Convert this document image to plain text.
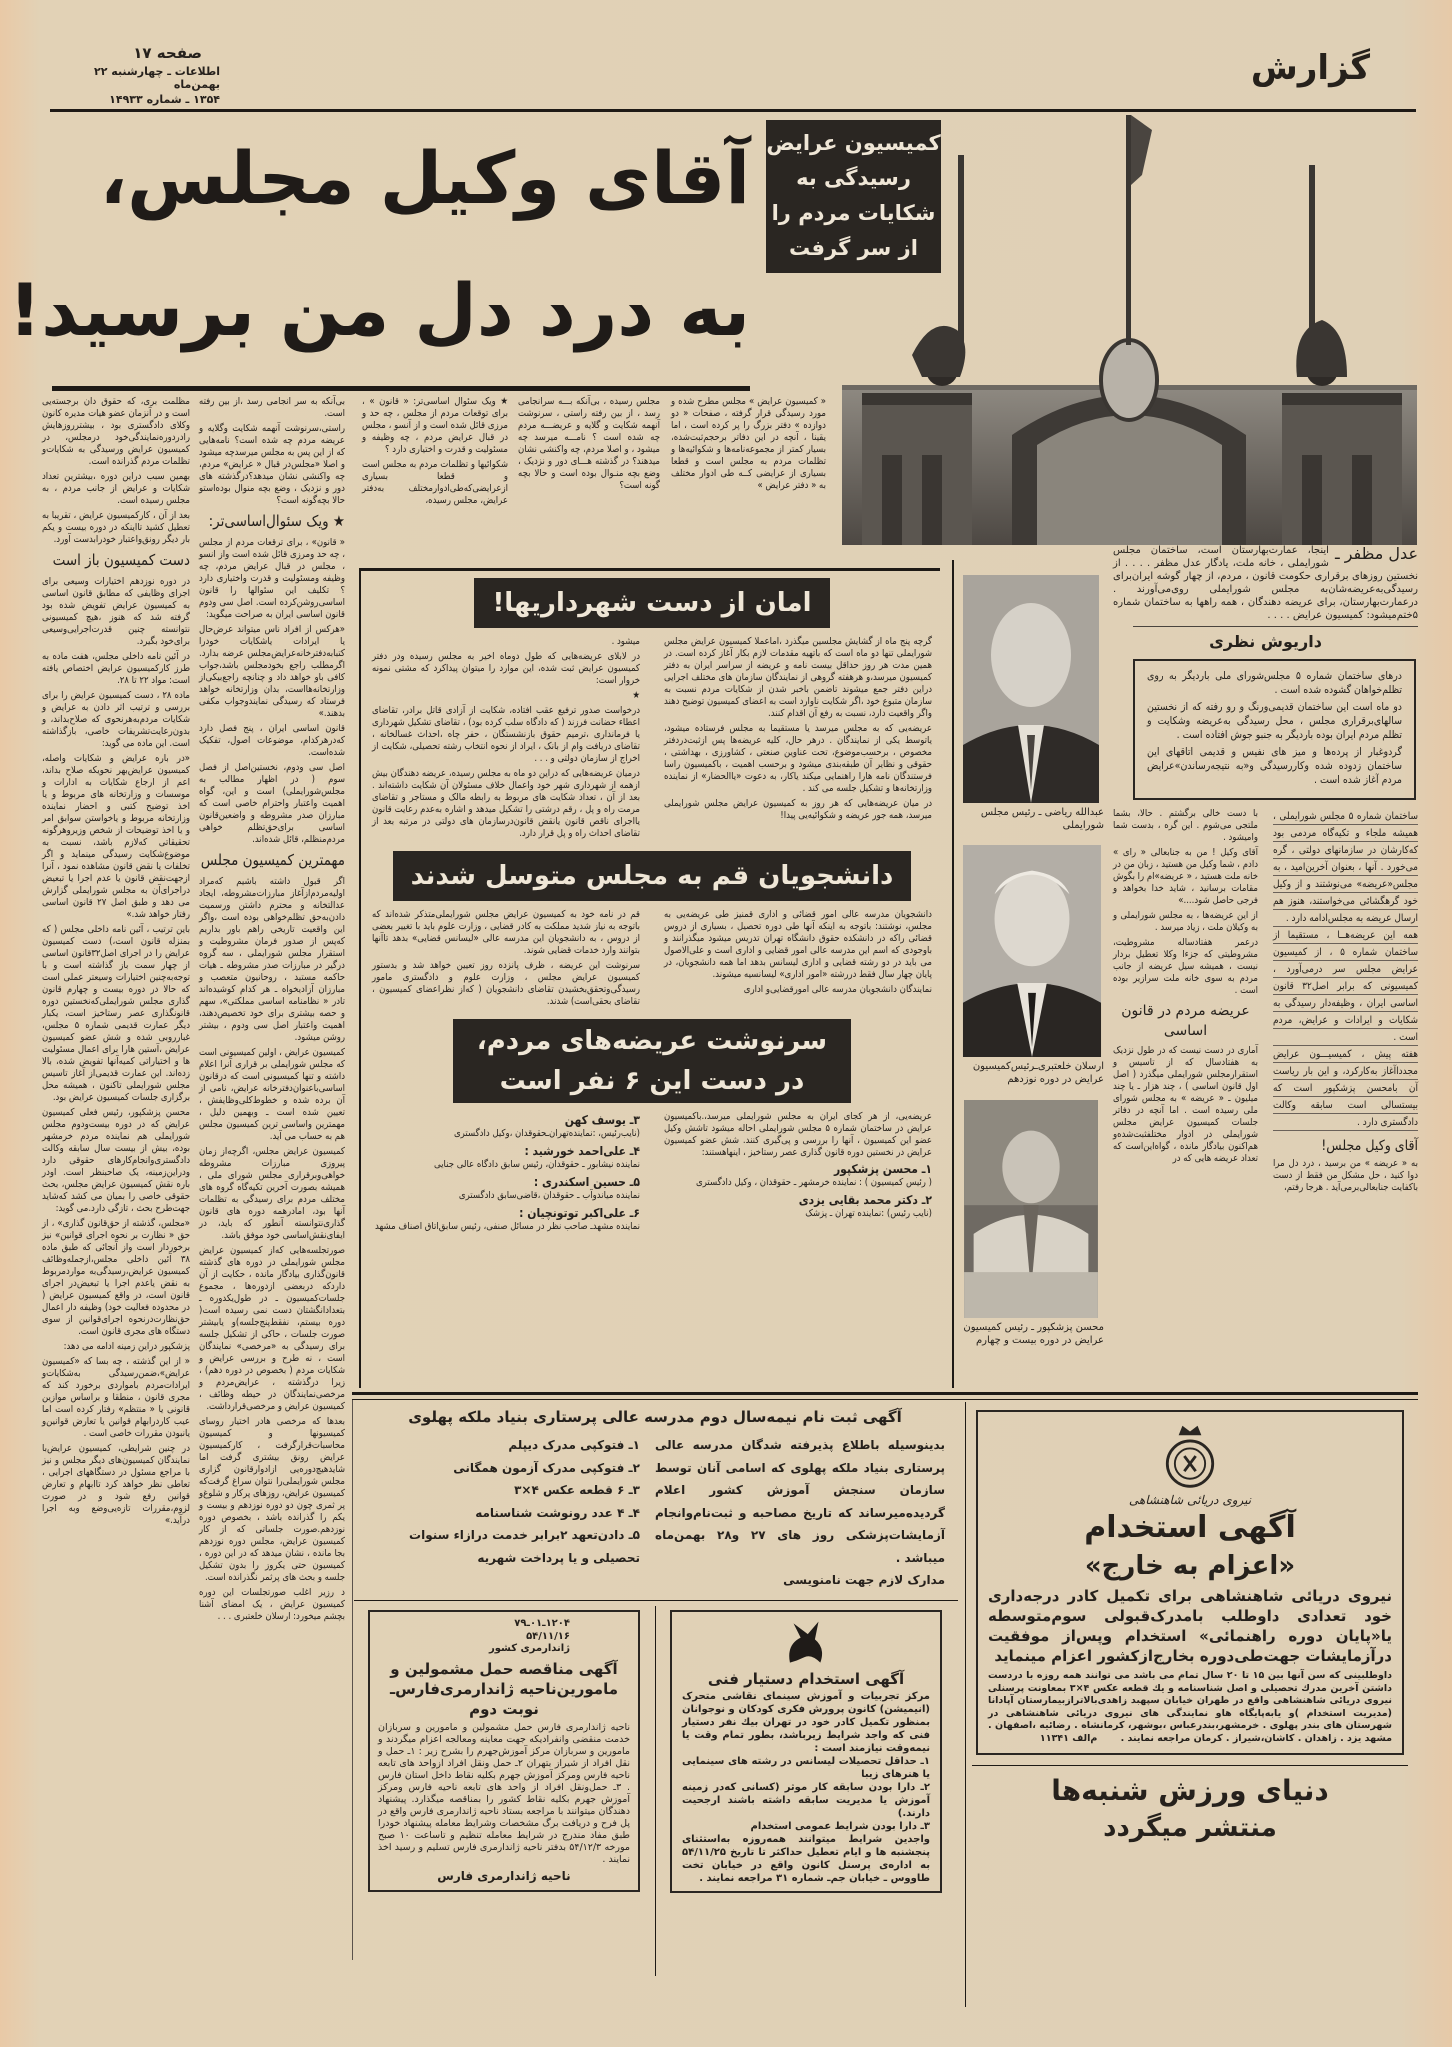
گزارش
صفحه ۱۷
اطلاعات ـ چهارشنبه ۲۲ بهمن‌ماه
۱۳۵۴ ـ شماره ۱۴۹۳۳
آقای وکیل مجلس،
به درد دل من برسید!
کمیسیون عرایض
رسیدگی به
شکایات مردم را
از سر گرفت

« کمیسیون عرایض » مجلس مطرح شده و مورد رسیدگی قرار گرفته ، صفحات « دو دوازده » دفتر بزرگ را پر کرده است ، اما یقینا ، آنچه در این دفاتر برحجم‌ثبت‌شده، بسیار کمتر از مجموعه‌نامه‌ها و شکوائیه‌ها و تظلمات مردم به مجلس است و قطعا بسیاری از عرایضی کــه طی ادوار مختلف به « دفتر عرایض »

مجلس رسیده ، بی‌آنکه بـــه سرانجامی رسد ، از بین رفته راستی ، سرنوشت آنهمه شکایت و گلایه و عریضـــه مردم چه شده است ؟ نامـــه میرسد چه میشود ، و اصلا مردم، چه واکنشی نشان میدهند؟ در گذشته هـــای دور و نزدیک ، وضع بچه منـوال بوده است و حالا بچه گونه است؟

★ ویک سئوال اساسی‌تر: « قانون » ، برای توقعات مردم از مجلس ، چه حد و مرزی قائل شده است و از آنسو ، مجلس در قبال عرایض مردم ، چه وظیفه و مسئولیت و قدرت و اختیاری دارد ؟

شکوائیها و تظلمات مردم به مجلس است و قطعا بسیاری ازعرایضی‌کەطی‌ادوار‌مختلف به‌دفتر عرایض، مجلس رسیده،

بی‌آنکه به سر انجامی رسد ،از بین رفته است.

راستی،سرنوشت آنهمه شکایت وگلایه و عریضه مردم چه شده است؟ نامه‌هایی که از این پس به مجلس میرسدچه میشود و اصلا «مجلس‌در قبال « عرایض» مردم، چه واکنشی نشان میدهد؟درگذشته های دور و نزدیک ، وضع بچه منوال بوده‌استو حالا بچه‌گونه است؟

★ ویک سئوال‌اساسی‌تر:

« قانون» ، برای ترقعات مردم از مجلس ، چه حد ومرزی قائل شده است واز انسو ، مجلس در قبال عرایض مردم، چه وظیفه ومسئولیت و قدرت واختیاری دارد ؟ تکلیف این سئوالها را قانون اساسی‌روشن‌کرده است. اصل سی ودوم قانون اساسی ایران به صراحت میگوید:

«هرکس از افراد ناس میتواند عرض‌حال یا ایرادات یاشکایات خودرا کتبابه‌دفترخانه‌عرایض‌مجلس عرضه بدارد. اگرمطلب راجع بخودمجلس باشد،جواب کافی باو خواهد داد و چنانچه راجع‌بیکی‌از وزارتخانه‌هااست، بدان وزارتخانه خواهد فرستاد که رسیدگی نمایندوجواب مکفی بدهند.»

قانون اساسی ایران ، پنج فصل دارد که‌درهرکدام، موضوعات اصول، تفکیک شده‌است.

اصل سی ودوم، نخستین‌اصل از فصل سوم ( در اظهار مطالب به مجلس‌شورایملی) است و این، گواه اهمیت واعتبار واحترام خاصی است که مبارزان صدر مشروطه و واضعین‌قانون اساسی برای‌حق‌تظلم خواهی مردم‌منظلم، قائل شده‌اند.

مهمترین کمیسیون مجلس

اگر قبول داشته باشیم که‌مراد اولیه‌مردم‌ازآغاز مبارزات‌مشروطه، ایجاد عدالتخانه و محترم داشتن ورسمیت دادن‌به‌حق تظلم‌خواهی بوده است ،واگر این واقعیت تاریخی راهم باور بداریم که‌پس از صدور فرمان مشروطیت و استقرار مجلس شورایملی ، سه گروه درگیر در مبارزات صدر مشروطه ـ هیات حاکمه مستبد ، روحانیون متعصب و مبارزان آزادیخواه ـ هر کدام کوشیده‌اند تادر « نظامنامه اساسی مملکتی»، سهم و حصه بیشتری برای خود تخصیص‌دهند، اهمیت واعتبار اصل سی ودوم ، بیشتر روشن میشود.

کمیسیون عرایض ، اولین کمیسیونی است که مجلس شورایملی بر قراری آنرا اعلام داشته و تنها کمیسیونی است که درقانون اساسی‌باعنوان‌دفترخانه عرایض، نامی از آن برده شده و خطوط‌کلی‌وظایفش ، تعیین شده است ـ وبهمین دلیل ، مهمترین واساسی ترین کمیسیون مجلس هم به حساب می آید.

کمیسیون عرایض مجلس، اگرچه‌از زمان پیروزی مبارزات مشروطه خواهی‌وبرقراری مجلس شورای ملی ، همیشه بصورت آخرین تکیه‌گاه گروه های مختلف مردم برای رسیدگی به تظلمات آنها بود، امادرهمه دوره های قانون گذاری‌نتوانسته آنطور که باید، در ایفای‌نقش‌اساسی خود موفق باشد.

صورتجلسه‌هایی که‌از کمیسیون عرایض مجلس شورایملی در دوره های گذشته قانون‌گذاری بیادگار مانده ، حکایت از آن داردکه دربعضی ازدوره‌ها ، مجموع جلسات‌کمیسیون ـ در طول‌یکدوره ـ بتعداد‌انگشتان دست نمی رسیده است( دوره بیستم، نفقط‌پنج‌جلسه)و یابیشتر صورت جلسات ، حاکی از تشکیل جلسه برای رسیدگی به «مرخصی» نمایندگان است ، نه طرح و بررسی عرایض و شکایات مردم ( بخصوص در دوره دهم) ، زیرا درگذشته ، عرایض‌مردم و مرخصی‌نمایندگان در حیطه وظائف ، کمیسیون عرایض و مرخصی‌قرارداشت.

بعدها که مرخصی هادر اختیار روسای کمیسیونها و کمیسیون محاسبات‌قرارگرفت ، کارکمیسیون عرایض رونق بیشتری گرفت اما شایدهیچ‌دوره‌یی ازادوار‌قانون گزاری مجلس شورایملی‌را نتوان سراغ گرفت‌که کمیسیون عرایض، روزهای پرکار و شلوغ‌و پر ثمری چون دو دوره نوزدهم و بیست و یکم را گذرانده باشد ، بخصوص دوره نوزدهم.صورت جلساتی که از کار کمیسیون عرایض، مجلس دوره نوزدهم بجا مانده ، نشان میدهد که در این دوره ، کمیسیون حتی یکروز را بدون تشکیل جلسه و بحث های پرثمر نگذرانده است.

د رزیر اغلب صورتجلسات این دوره کمیسیون عرایض ، یک امضای آشنا بچشم میخورد: ارسلان خلعتبری . . .

مظلمت بری، که حقوق دان برجسته‌یی است و در آنزمان عضو هیات مدیره کانون وکلای دادگستری بود ، بیشترروزهایش رادردوره‌نمایندگی‌خود درمجلس، در کمیسیون عرایض ورسیدگی به شکایات‌و تظلمات مردم گذرانده است.

بهمین سبب دراین دوره ،بیشترین تعداد شکایات و عرایض از جانب مردم ، به مجلس رسیده است.

بعد از آن ، کارکمیسیون عرایض ، تقریبا به تعطیل کشید تااینکه در دوره بیست و یکم بار دیگر رونق‌واعتبار خودرابدست آورد.

دست کمیسیون باز است

در دوره نوزدهم اختیارات وسیعی برای اجرای وظایفی که مطابق قانون اساسی به کمیسیون عرایض تفویض شده بود گرفته شد که هنوز ،هیچ کمیسیونی نتوانسته چنین قدرت‌اجرایی‌وسیعی برای‌خود بگیرد.

در آئین نامه داخلی مجلس، هفت ماده به طرز کارکمیسیون عرایض اختصاص یافته است: مواد ۲۲ تا ۲۸.

ماده ۲۸ ، دست کمیسیون عرایض را برای بررسی و ترتیب اثر دادن به عرایض و شکایات مردم‌به‌هرنحوی که صلاح‌بداند، و بدون‌رعایت‌تشریفات خاصی، بازگذاشته است. این ماده می گوید:

«در باره عرایض و شکایات واصله، کمیسیون عرایض‌بهر نحویکه صلاح بداند، اعم از ارجاع شکایات به ادارات و موسسات و وزارتخانه های مربوط و یا اخذ توضیح کتبی و احضار نماینده وزارتخانه مربوط و یاخواستن سوابق امر و یا اخذ توضیحات از شخص وزیرو‌هرگونه تحقیقاتی که‌لازم باشد، نسبت به موضوع‌شکایت رسیدگی مینماید و اگر تخلفات یا نقض قانون مشاهده نمود ، آنرا ازجهت‌نقض قانون یا عدم اجرا یا تبعیض دراجرای‌آن به مجلس شورایملی گزارش می دهد و طبق اصل ۲۷ قانون اساسی رفتار خواهد شد.»

باین ترتیب ، آئین نامه داخلی مجلس ( که بمنزله قانون است،) دست کمیسیون عرایض را در اجرای اصل‌۳۲قانون اساسی از چهار سمت باز گذاشته است و با توجه‌به‌چنین اختیارات وسیعتر عملی است که حالا در دوره بیست و چهارم قانون گذاری مجلس شورایملی‌که‌نخستین دوره قانونگذاری عصر رستاخیز است، یکبار دیگر عمارت قدیمی شماره ۵ مجلس، غبارروبی شده و شش عضو کمیسیون عرایض ،آستین هارا برای اعمال مسئولیت ها و اختیاراتی کمیه‌آنها تفویض شده، بالا زده‌اند. این عمارت قدیمی‌از آغاز تاسیس مجلس شورایملی تاکنون ، همیشه محل برگزاری جلسات کمیسیون عرایض بود.

محسن پزشکپور، رئیس فعلی کمیسیون عرایض که در دوره بیست‌ودوم مجلس شورایملی هم نماینده مردم خرمشهر بوده، بیش از بیست سال سابقه وکالت دادگستری‌و‌انجام‌کارهای حقوقی دارد ودراین‌زمینه، یک صاحبنظر است. او‌در باره نقش کمیسیون عرایض مجلس، بحث حقوقی خاصی را بمیان می کشد کەشاید جهت‌طرح بحث ، تازگی دارد.می گوید:

«مجلس، گذشته از حق‌قانون گذاری» ، از حق « نظارت بر نحوه اجرای قوانین» نیز برخوردار است واز آنجائی که طبق ماده ۳۸ آئین داخلی مجلس،ازجمله‌وظائف کمیسیون عرایض،رسیدگی‌به موارد‌مربوط به نقض یاعدم اجرا یا تبعیض‌در اجرای قانون است، در واقع کمیسیون عرایض ( در محدوده فعالیت خود) وظیفه دار اعمال حق‌نظارت‌درنحوه اجرای‌قوانین از سوی دستگاه های مجری قانون است.

پزشکپور دراین زمینه ادامه می دهد:

« از این گذشته ، چه بسا که «کمیسیون عرایض»،ضمن‌رسیدگی به‌شکایات‌و ایرادات‌مردم بامواردی برخورد کند که مجری قانون ، منطقا و براساس موازین قانونی یا « منتظم» رفتار کرده است اما عیب کاردرابهام قوانین یا تعارض قوانین‌و یانبودن مقررات خاصی است .

در چنین شرایطی، کمیسیون عرایض‌با نمایندگان کمیسیون‌های دیگر مجلس و نیز با مراجع مسئول در دستگاههای اجرایی ، تعاطی نظر خواهد کرد تاابهام و تعارض قوانین رفع شود و در صورت لزوم،مقررات تازه‌یی‌وضع وبه اجرا درآید.»

امان از دست شهرداریها!

گرچه پنج ماه از گشایش مجلسین میگذرد ،اماعملا کمیسیون عرایض مجلس شورایملی تنها دو ماه است که باتهیه مقدمات لازم بکار آغاز کرده است. در همین مدت هر روز حداقل بیست نامه و عریضه از سراسر ایران به دفتر کمیسیون میرسد،و هرهفته گروهی از نمایندگان سازمان های مختلف اجرایی دراین دفتر جمع میشوند تاضمن باخبر شدن از شکایات مردم نسبت به سازمان متبوع خود ،اگر شکایت ناوارد است به اعضای کمیسیون توضیح دهند واگر واقعیت دارد، نسبت به رفع آن اقدام کنند.

عریضه‌یی که به مجلس میرسد یا مستقیما به مجلس فرستاده میشود، یاتوسط یکی از نمایندگان . درهر حال، کلیه عریضه‌ها پس ازثبت‌دردفتر مخصوص ، برحسب‌موضوع، تحت عناوین صنعتی ، کشاورزی ، بهداشتی ، حقوقی و نظایر آن طبقه‌بندی میشود و برحسب اهمیت ، باکمیسیون راسا فرستندگان نامه هارا راهنمایی میکند یاکار، به دعوت «یاالحضار» از نماینده وزارتخانه‌ها و تشکیل جلسه می کند .

در میان عریضه‌هایی که هر روز به کمیسیون عرایض مجلس شورایملی میرسد، همه جور عریضه و شکوائیه‌یی پیدا!

میشود .

در لابلای عریضه‌هایی که طول دوماه اخیر به مجلس رسیده ودر دفتر کمیسیون عرایض ثبت شده، این موارد را میتوان پیداکرد که مشتی نمونه خروار است:

★

درخواست صدور ترفیع عقب افتاده، شکایت از آزادی قاتل برادر، تقاضای اعطاء حضانت فرزند ( که دادگاه سلب کرده بود) ، تقاضای تشکیل شهرداری یا فرمانداری ،ترمیم حقوق بازنشستگان ، حفر چاه ،احداث غسالخانه ، تقاضای دریافت وام از بانک ، ایراد از نحوه انتخاب رشته تحصیلی، شکایت از اخراج از سازمان دولتی و . . .

درمیان عریضه‌هایی که دراین دو ماه به مجلس رسیده، عریضه دهندگان بیش ازهمه از شهرداری شهر خود واعمال خلاف مسئولان آن شکایت داشته‌اند . بعد از آن ، تعداد شکایت های مربوط به رابطه مالک و مستاجر و تقاضای مرمت راه و پل ، رقم درشتی را تشکیل میدهد و اشاره به‌عدم رعایت قانون یااجرای ناقص قانون یانقض قانون‌درسازمان های دولتی در مرتبه بعد از تقاضای احداث راه و پل قرار دارد.

دانشجویان قم به مجلس متوسل شدند

دانشجویان مدرسه عالی امور قضائی و اداری قمنیز طی عریضه‌یی به مجلس، نوشتند: باتوجه به اینکه آنها طی دوره تحصیل ، بسیاری از دروس قضائی راکه در دانشکده حقوق دانشگاه تهران تدریس میشود میگذرانند و باوجودی که اسم این مدرسه عالی امور قضایی و اداری است و علی‌الاصول می باید در دو رشته قضایی و اداری لیسانس بدهد اما همه دانشجویان، در پایان چهار سال فقط دررشته «امور اداری» لیسانسیه میشوند.

نمایندگان دانشجویان مدرسه عالی امورقضایی‌و اداری

قم در نامه خود به کمیسیون عرایض مجلس شورایملی‌متذکر شده‌اند که باتوجه به نیاز شدید مملکت به کادر قضایی ، وزارت علوم باید با تغییر بعضی از دروس ، به دانشجویان این مدرسه عالی «لیسانس قضایی» بدهد تاآنها بتوانند وارد خدمات قضایی شوند.

سرنوشت این عریضه ، ظرف پانزده روز تعیین خواهد شد و بدستور کمیسیون عرایض مجلس ، وزارت علوم و دادگستری مامور رسیدگی‌وتحقق‌بخشیدن تقاضای دانشجویان ( که‌از نظراعضای کمیسیون ، تقاضای بحقی‌است) شدند.

سرنوشت عریضه‌های مردم،
در دست این ۶ نفر است

عریضه‌یی، از هر کجای ایران به مجلس شورایملی میرسد،.باکمیسیون عرایض در ساختمان شماره ۵ مجلس شورایملی احاله میشود تاشش وکیل عضو این کمیسیون ، آنها را بررسی و پی‌گیری کنند. شش عضو کمیسیون عرایض در نخستین دوره قانون گذاری عصر رستاخیز ، اینهاهستند:

۱ـ محسن پزشکپور
( رئیس کمیسیون ) : نماینده خرمشهر ـ حقوقدان ، وکیل دادگستری
۲ـ دکتر محمد بقایی یزدی
(نایب رئیس) :نماینده تهران ـ پزشک
۳ـ یوسف کهن
(نایب‌رئیس، :نماینده‌تهران‌ـحقوقدان ،وکیل دادگستری
۴ـ علی‌احمد خورشید :
نماینده نیشابور ـ حقوقدان، رئیس سابق دادگاه عالی جنایی
۵ـ حسین اسکندری :
نماینده میاندوآب ـ حقوقدان ،قاضی‌سابق دادگستری
۶ـ علی‌اکبر توتونچیان :
نماینده مشهد‌ـ صاحب نظر در مسائل صنفی، رئیس سابق‌اتاق اصناف مشهد
عبدالله ریاضی ـ رئیس مجلس شورایملی
ارسلان خلعتبری‌ـرئیس‌کمیسیون عرایض در دوره نوزدهم
محسن پزشکپور ـ رئیس کمیسیون عرایض در دوره بیست و چهارم
عدل مظفر ـ
اینجا، عمارت‌بهارستان است، ساختمان مجلس شورایملی ، خانه ملت، یادگار عدل مظفر . . . . از نخستین روزهای برقراری حکومت قانون ، مردم، از چهار گوشه ایران‌برای رسیدگی‌به‌عریضه‌شان‌به مجلس شورایملی روی‌می‌آورند . درعمارت‌بهارستان، برای عریضه دهندگان ، همه راهها به ساختمان شماره ۵ختم‌میشود: کمیسیون عرایض . . . .
داریوش نظری

درهای ساختمان شماره ۵ مجلس‌شورای ملی باردیگر به روی تظلم‌خواهان گشوده شده است .

دو ماه است این ساختمان قدیمی‌ورنگ و رو رفته که از نخستین سالهای‌برقراری مجلس ، محل رسیدگی به‌عریضه وشکایت و تظلم مردم ایران بوده باردیگر به جنبو جوش افتاده است .

گردوغبار از پرده‌ها و میز های نفیس و قدیمی اتاقهای این ساختمان زدوده شده وکاررسیدگی و«به نتیجه‌رساندن»عرایض مردم آغاز شده است .

ساختمان شماره ۵ مجلس شورایملی ، همیشه ملجاء و تکیه‌گاه مردمی بود که‌کارشان در سازمانهای دولتی ، گره می‌خورد . آنها ، بعنوان آخرین‌امید ، به مجلس«عریضه» می‌نوشتند و از وکیل خود گرهگشائی می‌خواستند، هنوز هم ارسال عریضه به مجلس‌ادامه دارد .

همه این عریضه‌هــا ، مستقیما از ساختمان شماره ۵ ، از کمیسیون عرایض مجلس سر درمی‌آورد ، کمیسیونی که برابر اصل۳۲ قانون اساسی ایران ، وظیفه‌دار رسیدگی به شکایات و ایرادات و عرایض، مردم است .

هفته پیش ، کمیسیـــون عرایض مجدداآغاز به‌کارکرد، و این بار ریاست آن بامحسن پزشکپور است که بیستسالی است سابقه وکالت دادگستری دارد .

آقای وکیل مجلس!

به « عریضه » من برسید ، درد دل مرا دوا کنید ، حل مشکل من فقط از دست باکفایت جنابعالی‌برمی‌آید . هرجا رفتم،

با دست خالی برگشتم . حالا، بشما ملتجی می‌شوم . این گره ، بدست شما وامیشود .

آقای وکیل ! من به جنابعالی « رای » دادم ، شما وکیل من هستید ، زبان من در خانه ملت هستید ، « عریضه»ام را بگوش مقامات برسانید ، شاید خدا بخواهد و فرجی حاصل شود....»

از این عریضه‌ها ، به مجلس شورایملی و به وکیلان ملت ، زیاد میرسد .

درعمر هفتادساله مشروطیت، مشروطیتی که جزءا وکلا تعطیل بردار نیست ، همیشه سیل عریضه از جانب مردم به سوی خانه ملت سرازیر بوده است .

عریضه مردم در قانون اساسی

آماری در دست نیست که در طول نزدیک به هفتادسال که از تاسیس و استقرارمجلس شورایملی میگذرد ( اصل اول قانون اساسی ) ، چند هزار ـ یا چند میلیون ـ « عریضه » به مجلس شورای ملی رسیده است . اما آنچه در دفاتر جلسات کمیسیون عرایض مجلس شورایملی در ادوار مختلفثبت‌شده‌و هم‌اکنون بیادگار مانده ، گواه‌این‌است که تعداد عریضه هایی که در

آگهی ثبت نام نیمه‌سال دوم مدرسه عالی پرستاری بنیاد ملکه پهلوی
بدینوسیله باطلاع پذیرفته شدگان مدرسه عالی پرستاری بنیاد ملکه پهلوی که اسامی آنان توسط سازمان سنجش آموزش کشور اعلام گردیده‌میرساند که تاریخ مصاحبه و ثبت‌نام‌وانجام آزمایشات‌پزشکی روز های ۲۷ و۲۸ بهمن‌ماه میباشد .
مدارک لازم جهت نامنویسی
۱ـ فتوکپی مدرک دیپلم
۲ـ فتوکپی مدرک آزمون همگانی
۳ـ ۶ قطعه عکس ۴×۳
۴ـ ۴ عدد رونوشت شناسنامه
۵ـ دادن‌تعهد ۲برابر خدمت درازاء سنوات تحصیلی و یا پرداخت شهریه
نیروی دریائی شاهنشاهی
آگهی استخدام
«اعزام به خارج»
نیروی دریائی شاهنشاهی برای تکمیل کادر درجه‌داری خود تعدادی داوطلب بامدرک‌قبولی سوم‌متوسطه یا«پایان دوره راهنمائی» استخدام وپس‌از موفقیت درآزمایشات جهت‌طی‌دوره بخارج‌ازکشور اعزام مینماید
داوطلبینی که سن آنها بین ۱۵ تا ۲۰ سال تمام می باشد می توانند همه روزه با دردست داشتن آخرین مدرك تحصیلی و اصل شناسنامه و یك قطعه عکس ۴×۳ بمعاونت پرسنلی نیروی دریائی شاهنشاهی واقع در طهران خیابان سپهبد زاهدی‌بالاتر‌ازبیمارستان آپادانا (مدیریت استخدام )و یا‌به‌پایگاه هاو نمایندگی های نیروی دریائی شاهنشاهی در شهرستان های بندر پهلوی . خرمشهر،بندرعباس ،بوشهر، کرمانشاه . رضائیه ،اصفهان . مشهد یزد . زاهدان . کاشان،شیراز . کرمان مراجعه نمایند . م‌الف ۱۱۳۴۱
دنیای ورزش شنبه‌ها
منتشر میگردد
۱۲۰۴ـ۰۱ـ۷۹
۵۴/۱۱/۱۶
ژاندارمری کشور
آگهی مناقصه حمل مشمولین و مامورین‌ناحیه ژاندارمری‌فارس‌ـ نوبت دوم
ناحیه ژاندارمری فارس حمل مشمولین و مامورین و سربازان خدمت منقضی وانفرادیکه جهت معاینه ومعالجه اعزام میگردند و مامورین و سربازان مرکز آموزش‌جهرم را بشرح زیر : ۱ـ حمل و نقل افراد از شیراز بتهران ۲ـ حمل ونقل افراد ازواحد های تابعه ناحیه فارس ومرکز آموزش جهرم بکلیه نقاط داخل استان فارس . ۳ـ حمل‌ونقل افراد از واحد های تابعه ناحیه فارس ومرکز آموزش جهرم بکلیه نقاط کشور را بمناقصه میگذارد. پیشنهاد دهندگان میتوانند با مراجعه بستاد ناحیه ژاندارمری فارس واقع در پل فرح و دریافت برگ مشخصات وشرایط معامله پیشنهاد خودرا طبق مفاد مندرج در شرایط معامله تنظیم و تاساعت ۱۰ صبح مورخه ۵۴/۱۲/۳ بدفتر ناحیه ژاندارمری فارس تسلیم و رسید اخذ نمایند .
ناحیه ژاندارمری فارس
آگهی استخدام دستیار فنی
مرکز تجربیات و آموزش سینمای نقاشی متحرک (انیمیشن) کانون پرورش فکری کودکان و نوجوانان بمنظور تکمیل کادر خود در تهران بیك نفر دستیار فنی که واجد شرایط زیرباشد، بطور تمام وقت یا نیمه‌وقت نیازمند است :
۱ـ حداقل تحصیلات لیسانس در رشته های سینمایی یا هنرهای زیبا
۲ـ دارا بودن سابقه کار موثر (کسانی که‌در زمینه آموزش یا مدیریت سابقه داشته باشند ارجحیت دارند.)
۳ـ دارا بودن شرایط عمومی استخدام
واجدین شرایط میتوانند همه‌روزه به‌استثنای پنجشنبه ها و ایام تعطیل حداکثر تا تاریخ ۵۴/۱۱/۲۵ به اداره‌ی پرسنل کانون واقع در خیابان تخت طاووس ـ خیابان جم‌ـ شماره ۳۱ مراجعه نمایند .
